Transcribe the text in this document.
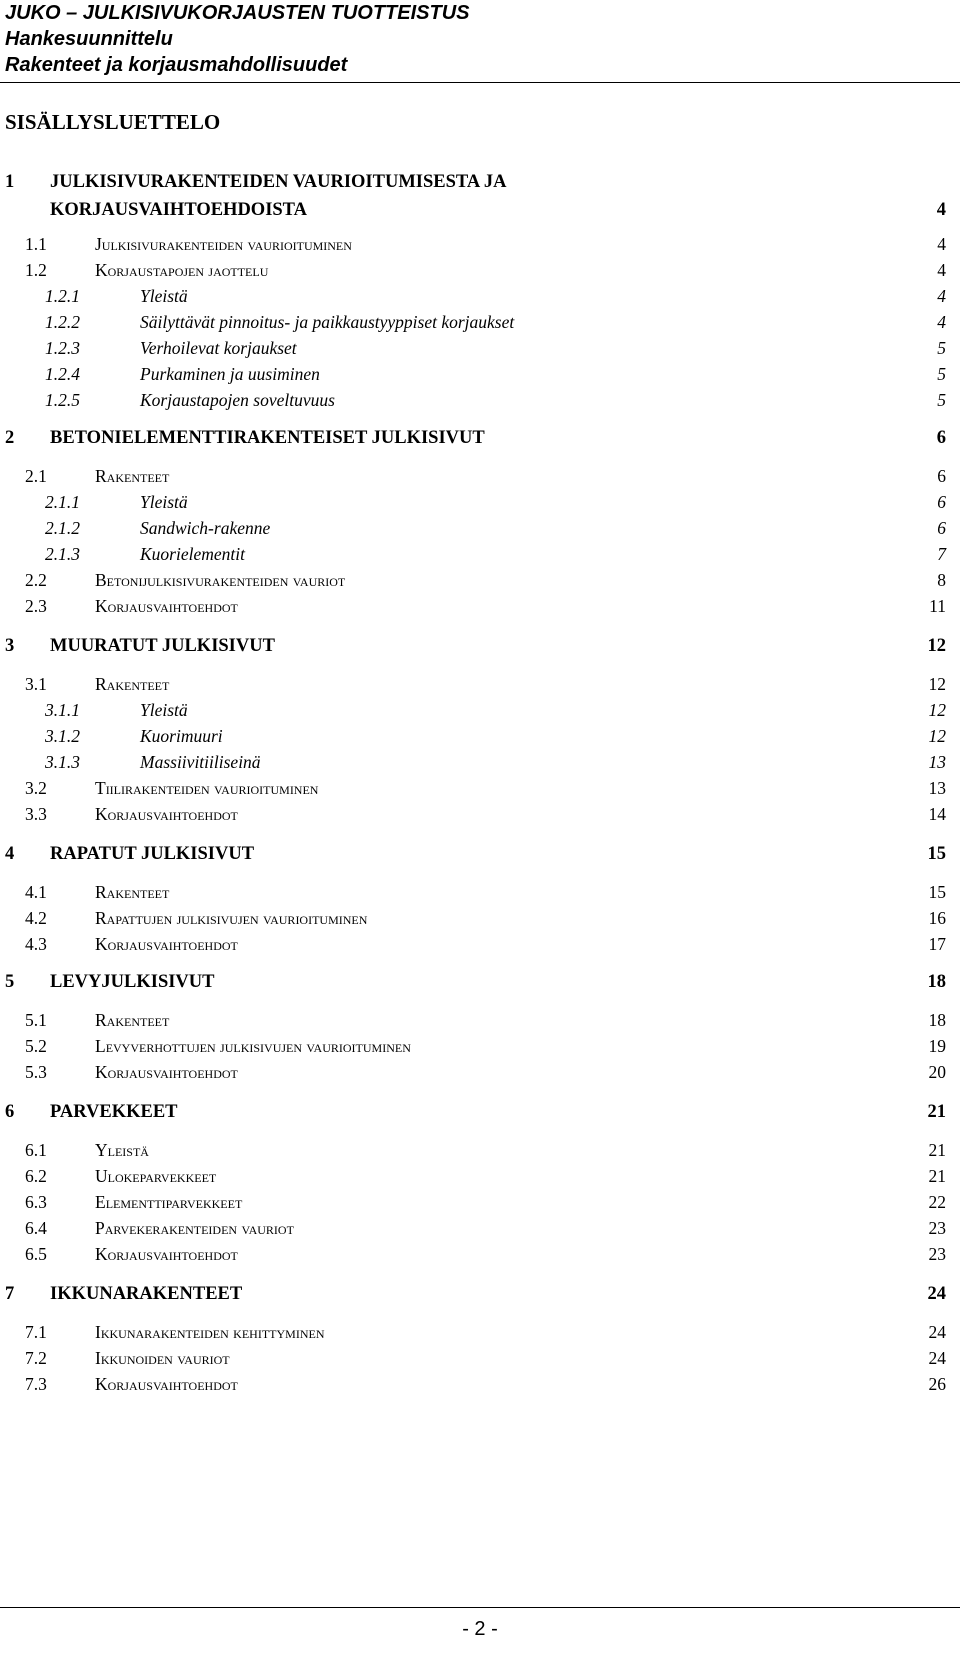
JUKO – JULKISIVUKORJAUSTEN TUOTTEISTUS
Hankesuunnittelu
Rakenteet ja korjausmahdollisuudet
SISÄLLYSLUETTELO
1 JULKISIVURAKENTEIDEN VAURIOITUMISESTA JA
KORJAUSVAIHTOEHDOISTA	4
1.1	Julkisivurakenteiden vaurioituminen	4
1.2	Korjaustapojen jaottelu	4
1.2.1	Yleistä	4
1.2.2	Säilyttävät pinnoitus- ja paikkaustyyppiset korjaukset	4
1.2.3	Verhoilevat korjaukset	5
1.2.4	Purkaminen ja uusiminen	5
1.2.5	Korjaustapojen soveltuvuus	5
2 BETONIELEMENTTIRAKENTEISET JULKISIVUT	6
2.1	Rakenteet	6
2.1.1	Yleistä	6
2.1.2	Sandwich-rakenne	6
2.1.3	Kuorielementit	7
2.2	Betonijulkisivurakenteiden vauriot	8
2.3	Korjausvaihtoehdot	11
3 MUURATUT JULKISIVUT	12
3.1	Rakenteet	12
3.1.1	Yleistä	12
3.1.2	Kuorimuuri	12
3.1.3	Massiivitiiliseinä	13
3.2	Tiilirakenteiden vaurioituminen	13
3.3	Korjausvaihtoehdot	14
4 RAPATUT JULKISIVUT	15
4.1	Rakenteet	15
4.2	Rapattujen julkisivujen vaurioituminen	16
4.3	Korjausvaihtoehdot	17
5 LEVYJULKISIVUT	18
5.1	Rakenteet	18
5.2	Levyverhottujen julkisivujen vaurioituminen	19
5.3	Korjausvaihtoehdot	20
6 PARVEKKEET	21
6.1	Yleistä	21
6.2	Ulokeparvekkeet	21
6.3	Elementtiparvekkeet	22
6.4	Parvekerakenteiden vauriot	23
6.5	Korjausvaihtoehdot	23
7 IKKUNARAKENTEET	24
7.1	Ikkunarakenteiden kehittyminen	24
7.2	Ikkunoiden vauriot	24
7.3	Korjausvaihtoehdot	26
- 2 -
